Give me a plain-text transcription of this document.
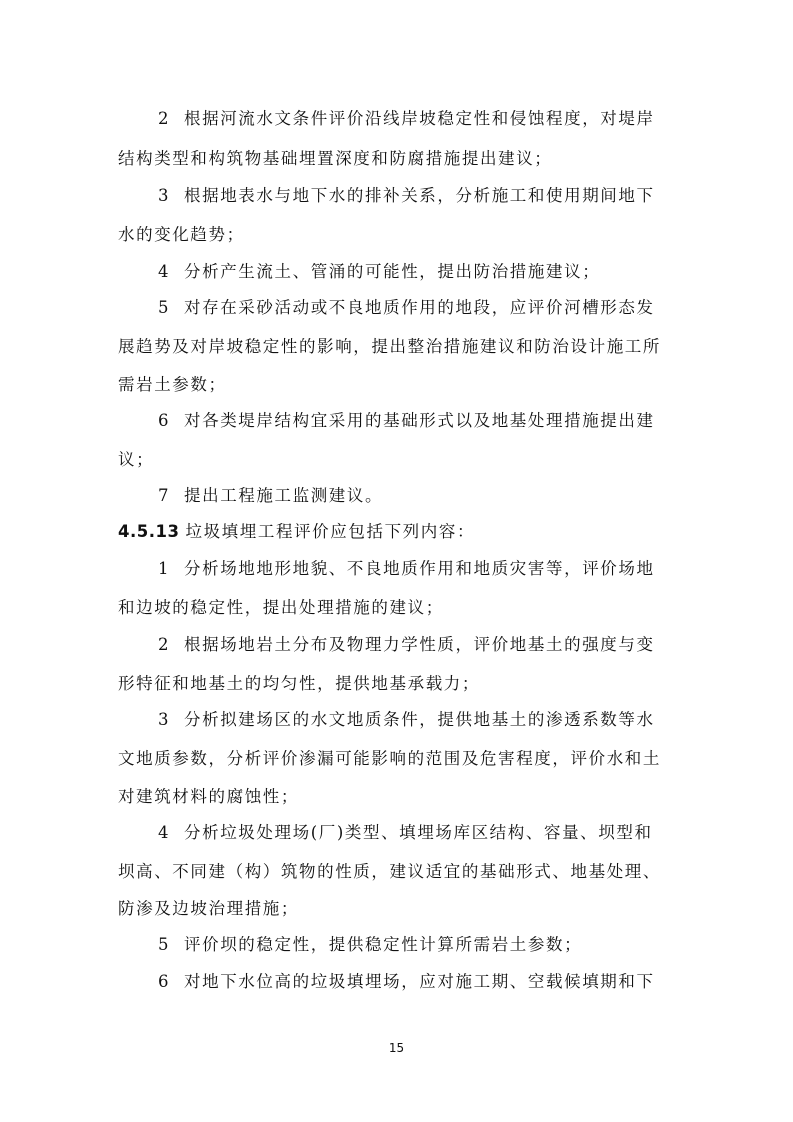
2 根据河流水文条件评价沿线岸坡稳定性和侵蚀程度，对堤岸
结构类型和构筑物基础埋置深度和防腐措施提出建议；
3 根据地表水与地下水的排补关系，分析施工和使用期间地下
水的变化趋势；
4 分析产生流土、管涌的可能性，提出防治措施建议；
5 对存在采砂活动或不良地质作用的地段，应评价河槽形态发
展趋势及对岸坡稳定性的影响，提出整治措施建议和防治设计施工所
需岩土参数；
6 对各类堤岸结构宜采用的基础形式以及地基处理措施提出建
议；
7 提出工程施工监测建议。
4.5.13 垃圾填埋工程评价应包括下列内容：
1 分析场地地形地貌、不良地质作用和地质灾害等，评价场地
和边坡的稳定性，提出处理措施的建议；
2 根据场地岩土分布及物理力学性质，评价地基土的强度与变
形特征和地基土的均匀性，提供地基承载力；
3 分析拟建场区的水文地质条件，提供地基土的渗透系数等水
文地质参数，分析评价渗漏可能影响的范围及危害程度，评价水和土
对建筑材料的腐蚀性；
4 分析垃圾处理场(厂)类型、填埋场库区结构、容量、坝型和
坝高、不同建（构）筑物的性质，建议适宜的基础形式、地基处理、
防渗及边坡治理措施；
5 评价坝的稳定性，提供稳定性计算所需岩土参数；
6 对地下水位高的垃圾填埋场，应对施工期、空载候填期和下
15
